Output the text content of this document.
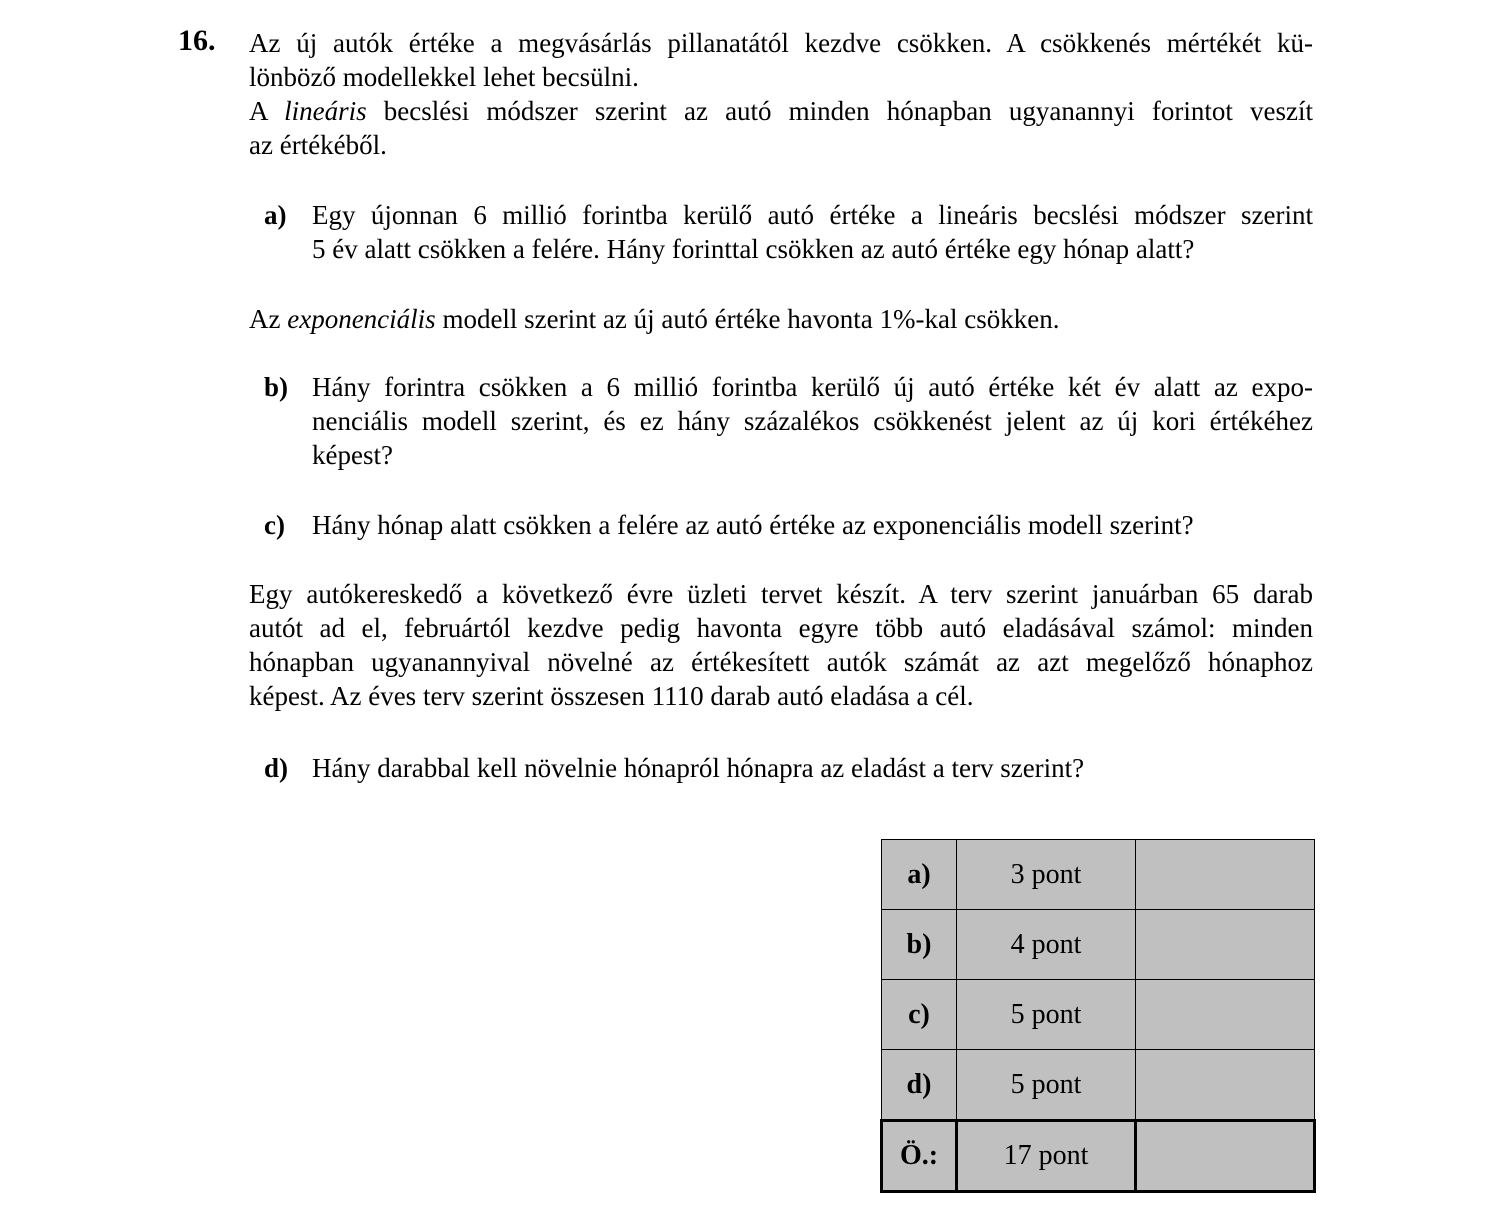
16. Az új autók értéke a megvásárlás pillanatától kezdve csökken. A csökkenés mértékét kü-
lönböző modellekkel lehet becsülni.
A lineáris becslési módszer szerint az autó minden hónapban ugyanannyi forintot veszít
az értékéből.
a) Egy újonnan 6 millió forintba kerülő autó értéke a lineáris becslési módszer szerint
5 év alatt csökken a felére. Hány forinttal csökken az autó értéke egy hónap alatt?
Az exponenciális modell szerint az új autó értéke havonta 1%-kal csökken.
b) Hány forintra csökken a 6 millió forintba kerülő új autó értéke két év alatt az expo-
nenciális modell szerint, és ez hány százalékos csökkenést jelent az új kori értékéhez
képest?
c)	Hány hónap alatt csökken a felére az autó értéke az exponenciális modell szerint?
Egy autókereskedő a következő évre üzleti tervet készít. A terv szerint januárban 65 darab
autót ad el, februártól kezdve pedig havonta egyre több autó eladásával számol: minden
hónapban ugyanannyival növelné az értékesített autók számát az azt megelőző hónaphoz
képest. Az éves terv szerint összesen 1110 darab autó eladása a cél.
d) Hány darabbal kell növelnie hónapról hónapra az eladást a terv szerint?
a)	3 pont	
b)	4 pont	
c)	5 pont	
d)	5 pont	
Ö.:	17 pont	
